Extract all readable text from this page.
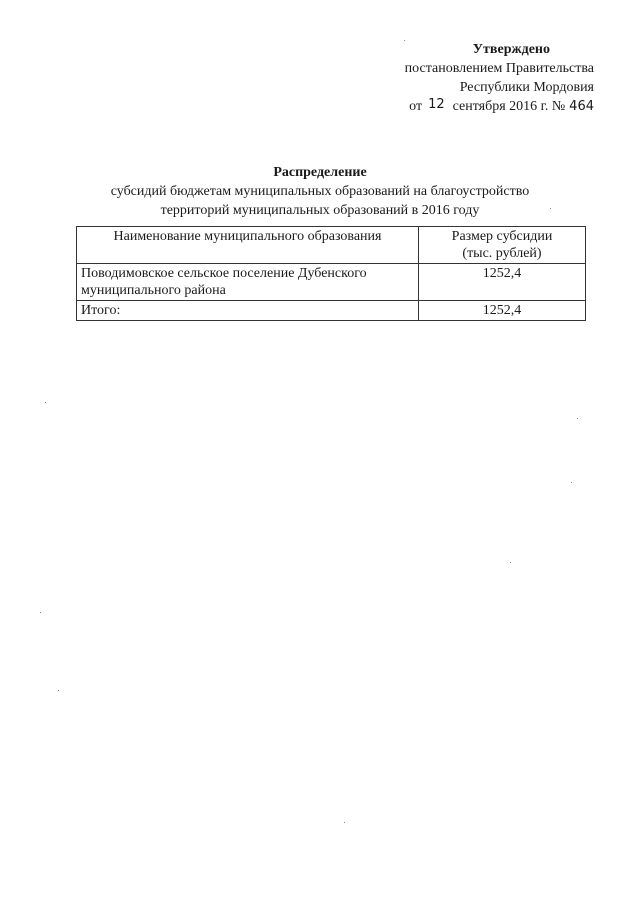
Утверждено
постановлением Правительства
Республики Мордовия
от 12 сентября 2016 г. № 464
Распределение
субсидий бюджетам муниципальных образований на благоустройство
территорий муниципальных образований в 2016 году
Наименование муниципального образования	Размер субсидии
(тыс. рублей)

Поводимовское сельское поселение Дубенского муниципального района	1252,4
Итого:	1252,4
